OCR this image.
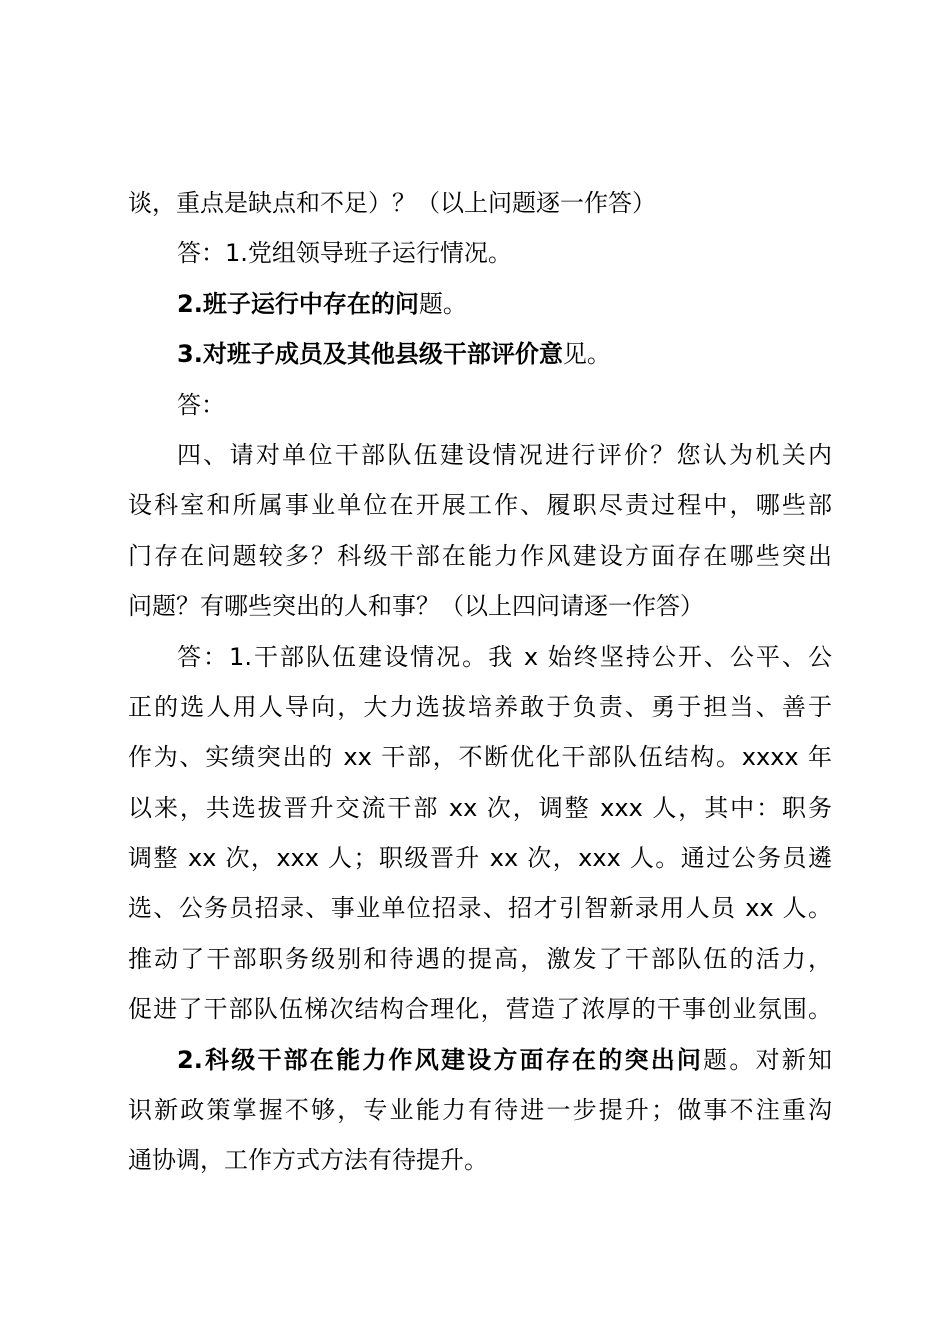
谈，重点是缺点和不足）？（以上问题逐一作答）
答：1.党组领导班子运行情况。
2.班子运行中存在的问题。
3.对班子成员及其他县级干部评价意见。
答：
四、请对单位干部队伍建设情况进行评价？您认为机关内
设科室和所属事业单位在开展工作、履职尽责过程中，哪些部
门存在问题较多？科级干部在能力作风建设方面存在哪些突出
问题？有哪些突出的人和事？（以上四问请逐一作答）
答：1.干部队伍建设情况。我 x 始终坚持公开、公平、公
正的选人用人导向，大力选拔培养敢于负责、勇于担当、善于
作为、实绩突出的 xx 干部，不断优化干部队伍结构。xxxx 年
以来，共选拔晋升交流干部 xx 次，调整 xxx 人，其中：职务
调整 xx 次，xxx 人；职级晋升 xx 次，xxx 人。通过公务员遴
选、公务员招录、事业单位招录、招才引智新录用人员 xx 人。
推动了干部职务级别和待遇的提高，激发了干部队伍的活力，
促进了干部队伍梯次结构合理化，营造了浓厚的干事创业氛围。
2.科级干部在能力作风建设方面存在的突出问题。对新知
识新政策掌握不够，专业能力有待进一步提升；做事不注重沟
通协调，工作方式方法有待提升。
